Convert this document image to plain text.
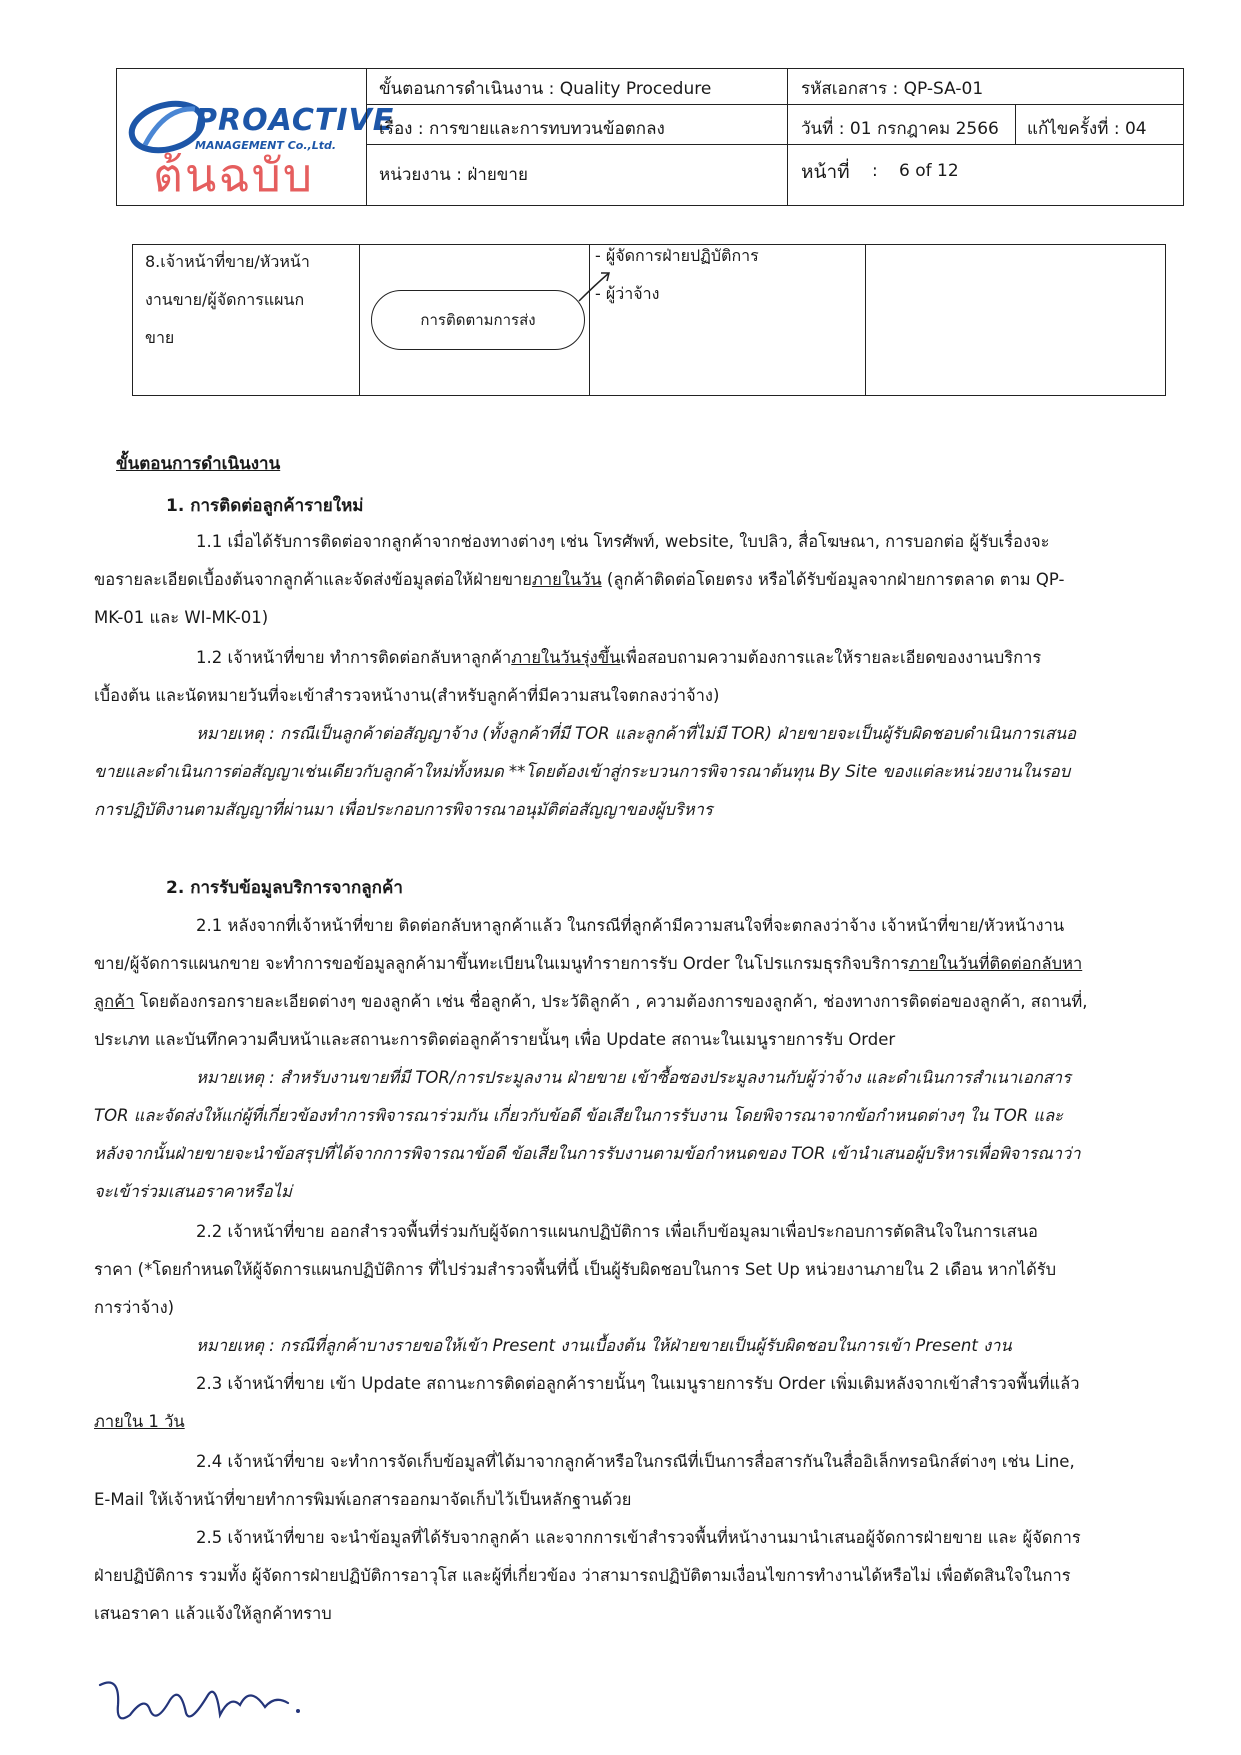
PROACTIVE
MANAGEMENT Co.,Ltd.
ต้นฉบับ
ขั้นตอนการดำเนินงาน : Quality Procedure	รหัสเอกสาร : QP-SA-01
เรื่อง : การขายและการทบทวนข้อตกลง	วันที่ : 01 กรกฎาคม 2566 แก้ไขครั้งที่ : 04
หน่วยงาน : ฝ่ายขาย	หน้าที่ : 6 of 12
8.เจ้าหน้าที่ขาย/หัวหน้า
งานขาย/ผู้จัดการแผนก
ขาย
การติดตามการส่ง
- ผู้จัดการฝ่ายปฏิบัติการ
- ผู้ว่าจ้าง
ขั้นตอนการดำเนินงาน
1. การติดต่อลูกค้ารายใหม่
1.1 เมื่อได้รับการติดต่อจากลูกค้าจากช่องทางต่างๆ เช่น โทรศัพท์, website, ใบปลิว, สื่อโฆษณา, การบอกต่อ ผู้รับเรื่องจะ
ขอรายละเอียดเบื้องต้นจากลูกค้าและจัดส่งข้อมูลต่อให้ฝ่ายขายภายในวัน (ลูกค้าติดต่อโดยตรง หรือได้รับข้อมูลจากฝ่ายการตลาด ตาม QP-
MK-01 และ WI-MK-01)
1.2 เจ้าหน้าที่ขาย ทำการติดต่อกลับหาลูกค้าภายในวันรุ่งขึ้นเพื่อสอบถามความต้องการและให้รายละเอียดของงานบริการ
เบื้องต้น และนัดหมายวันที่จะเข้าสำรวจหน้างาน(สำหรับลูกค้าที่มีความสนใจตกลงว่าจ้าง)
หมายเหตุ : กรณีเป็นลูกค้าต่อสัญญาจ้าง (ทั้งลูกค้าที่มี TOR และลูกค้าที่ไม่มี TOR) ฝ่ายขายจะเป็นผู้รับผิดชอบดำเนินการเสนอ
ขายและดำเนินการต่อสัญญาเช่นเดียวกับลูกค้าใหม่ทั้งหมด **โดยต้องเข้าสู่กระบวนการพิจารณาต้นทุน By Site ของแต่ละหน่วยงานในรอบ
การปฏิบัติงานตามสัญญาที่ผ่านมา เพื่อประกอบการพิจารณาอนุมัติต่อสัญญาของผู้บริหาร
2. การรับข้อมูลบริการจากลูกค้า
2.1 หลังจากที่เจ้าหน้าที่ขาย ติดต่อกลับหาลูกค้าแล้ว ในกรณีที่ลูกค้ามีความสนใจที่จะตกลงว่าจ้าง เจ้าหน้าที่ขาย/หัวหน้างาน
ขาย/ผู้จัดการแผนกขาย จะทำการขอข้อมูลลูกค้ามาขึ้นทะเบียนในเมนูทำรายการรับ Order ในโปรแกรมธุรกิจบริการภายในวันที่ติดต่อกลับหา
ลูกค้า โดยต้องกรอกรายละเอียดต่างๆ ของลูกค้า เช่น ชื่อลูกค้า, ประวัติลูกค้า , ความต้องการของลูกค้า, ช่องทางการติดต่อของลูกค้า, สถานที่,
ประเภท และบันทึกความคืบหน้าและสถานะการติดต่อลูกค้ารายนั้นๆ เพื่อ Update สถานะในเมนูรายการรับ Order
หมายเหตุ : สำหรับงานขายที่มี TOR/การประมูลงาน ฝ่ายขาย เข้าซื้อซองประมูลงานกับผู้ว่าจ้าง และดำเนินการสำเนาเอกสาร
TOR และจัดส่งให้แก่ผู้ที่เกี่ยวข้องทำการพิจารณาร่วมกัน เกี่ยวกับข้อดี ข้อเสียในการรับงาน โดยพิจารณาจากข้อกำหนดต่างๆ ใน TOR และ
หลังจากนั้นฝ่ายขายจะนำข้อสรุปที่ได้จากการพิจารณาข้อดี ข้อเสียในการรับงานตามข้อกำหนดของ TOR เข้านำเสนอผู้บริหารเพื่อพิจารณาว่า
จะเข้าร่วมเสนอราคาหรือไม่
2.2 เจ้าหน้าที่ขาย ออกสำรวจพื้นที่ร่วมกับผู้จัดการแผนกปฏิบัติการ เพื่อเก็บข้อมูลมาเพื่อประกอบการตัดสินใจในการเสนอ
ราคา (*โดยกำหนดให้ผู้จัดการแผนกปฏิบัติการ ที่ไปร่วมสำรวจพื้นที่นี้ เป็นผู้รับผิดชอบในการ Set Up หน่วยงานภายใน 2 เดือน หากได้รับ
การว่าจ้าง)
หมายเหตุ : กรณีที่ลูกค้าบางรายขอให้เข้า Present งานเบื้องต้น ให้ฝ่ายขายเป็นผู้รับผิดชอบในการเข้า Present งาน
2.3 เจ้าหน้าที่ขาย เข้า Update สถานะการติดต่อลูกค้ารายนั้นๆ ในเมนูรายการรับ Order เพิ่มเติมหลังจากเข้าสำรวจพื้นที่แล้ว
ภายใน 1 วัน
2.4 เจ้าหน้าที่ขาย จะทำการจัดเก็บข้อมูลที่ได้มาจากลูกค้าหรือในกรณีที่เป็นการสื่อสารกันในสื่ออิเล็กทรอนิกส์ต่างๆ เช่น Line,
E-Mail ให้เจ้าหน้าที่ขายทำการพิมพ์เอกสารออกมาจัดเก็บไว้เป็นหลักฐานด้วย
2.5 เจ้าหน้าที่ขาย จะนำข้อมูลที่ได้รับจากลูกค้า และจากการเข้าสำรวจพื้นที่หน้างานมานำเสนอผู้จัดการฝ่ายขาย และ ผู้จัดการ
ฝ่ายปฏิบัติการ รวมทั้ง ผู้จัดการฝ่ายปฏิบัติการอาวุโส และผู้ที่เกี่ยวข้อง ว่าสามารถปฏิบัติตามเงื่อนไขการทำงานได้หรือไม่ เพื่อตัดสินใจในการ
เสนอราคา แล้วแจ้งให้ลูกค้าทราบ
